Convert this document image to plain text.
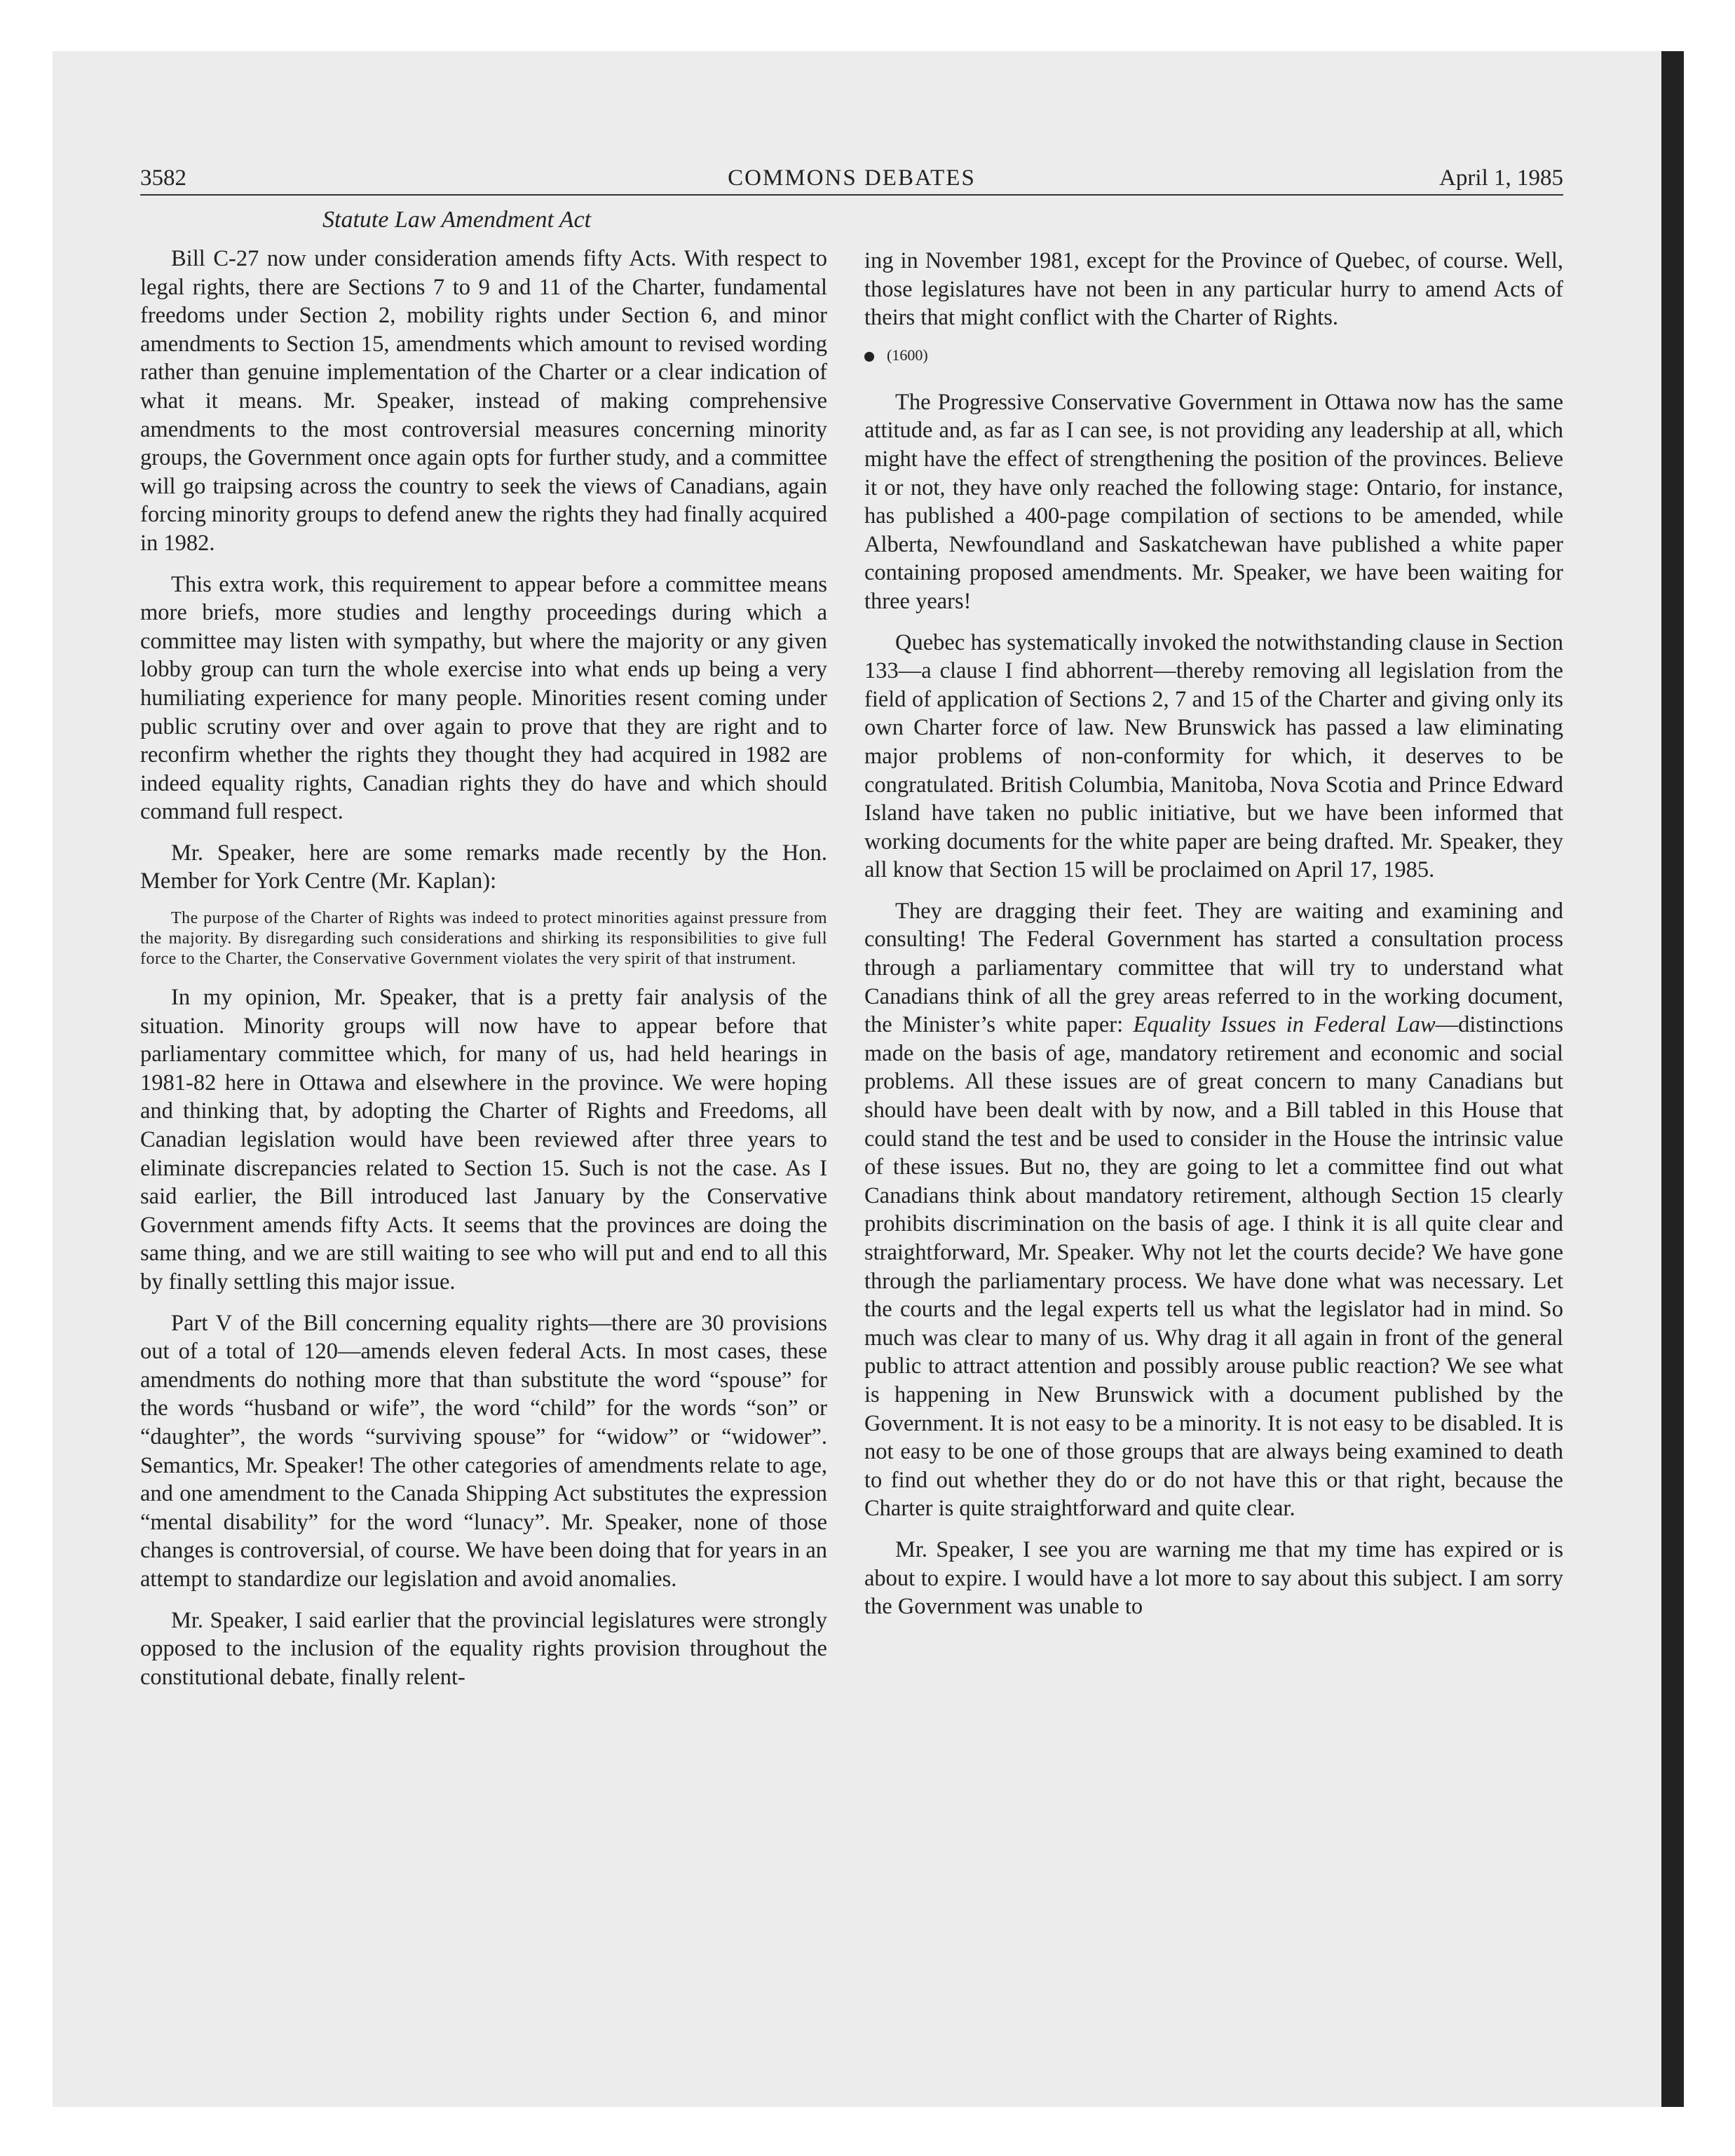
3582	COMMONS DEBATES	April 1, 1985
Statute Law Amendment Act

Bill C-27 now under consideration amends fifty Acts. With respect to legal rights, there are Sections 7 to 9 and 11 of the Charter, fundamental freedoms under Section 2, mobility rights under Section 6, and minor amendments to Section 15, amendments which amount to revised wording rather than genuine implementation of the Charter or a clear indication of what it means. Mr. Speaker, instead of making comprehensive amendments to the most controversial measures concerning minority groups, the Government once again opts for further study, and a committee will go traipsing across the country to seek the views of Canadians, again forcing minority groups to defend anew the rights they had finally acquired in 1982.

This extra work, this requirement to appear before a committee means more briefs, more studies and lengthy proceedings during which a committee may listen with sympathy, but where the majority or any given lobby group can turn the whole exercise into what ends up being a very humiliating experience for many people. Minorities resent coming under public scrutiny over and over again to prove that they are right and to reconfirm whether the rights they thought they had acquired in 1982 are indeed equality rights, Canadian rights they do have and which should command full respect.

Mr. Speaker, here are some remarks made recently by the Hon. Member for York Centre (Mr. Kaplan):

The purpose of the Charter of Rights was indeed to protect minorities against pressure from the majority. By disregarding such considerations and shirking its responsibilities to give full force to the Charter, the Conservative Government violates the very spirit of that instrument.

In my opinion, Mr. Speaker, that is a pretty fair analysis of the situation. Minority groups will now have to appear before that parliamentary committee which, for many of us, had held hearings in 1981-82 here in Ottawa and elsewhere in the province. We were hoping and thinking that, by adopting the Charter of Rights and Freedoms, all Canadian legislation would have been reviewed after three years to eliminate discrepancies related to Section 15. Such is not the case. As I said earlier, the Bill introduced last January by the Conservative Government amends fifty Acts. It seems that the provinces are doing the same thing, and we are still waiting to see who will put and end to all this by finally settling this major issue.

Part V of the Bill concerning equality rights—there are 30 provisions out of a total of 120—amends eleven federal Acts. In most cases, these amendments do nothing more that than substitute the word “spouse” for the words “husband or wife”, the word “child” for the words “son” or “daughter”, the words “surviving spouse” for “widow” or “widower”. Semantics, Mr. Speaker! The other categories of amendments relate to age, and one amendment to the Canada Shipping Act substitutes the expression “mental disability” for the word “lunacy”. Mr. Speaker, none of those changes is controversial, of course. We have been doing that for years in an attempt to standardize our legislation and avoid anomalies.

Mr. Speaker, I said earlier that the provincial legislatures were strongly opposed to the inclusion of the equality rights provision throughout the constitutional debate, finally relent-

ing in November 1981, except for the Province of Quebec, of course. Well, those legislatures have not been in any particular hurry to amend Acts of theirs that might conflict with the Charter of Rights.

(1600)

The Progressive Conservative Government in Ottawa now has the same attitude and, as far as I can see, is not providing any leadership at all, which might have the effect of strengthening the position of the provinces. Believe it or not, they have only reached the following stage: Ontario, for instance, has published a 400-page compilation of sections to be amended, while Alberta, Newfoundland and Saskatchewan have published a white paper containing proposed amendments. Mr. Speaker, we have been waiting for three years!

Quebec has systematically invoked the notwithstanding clause in Section 133—a clause I find abhorrent—thereby removing all legislation from the field of application of Sections 2, 7 and 15 of the Charter and giving only its own Charter force of law. New Brunswick has passed a law eliminating major problems of non-conformity for which, it deserves to be congratulated. British Columbia, Manitoba, Nova Scotia and Prince Edward Island have taken no public initiative, but we have been informed that working documents for the white paper are being drafted. Mr. Speaker, they all know that Section 15 will be proclaimed on April 17, 1985.

They are dragging their feet. They are waiting and examining and consulting! The Federal Government has started a consultation process through a parliamentary committee that will try to understand what Canadians think of all the grey areas referred to in the working document, the Minister’s white paper: Equality Issues in Federal Law—distinctions made on the basis of age, mandatory retirement and economic and social problems. All these issues are of great concern to many Canadians but should have been dealt with by now, and a Bill tabled in this House that could stand the test and be used to consider in the House the intrinsic value of these issues. But no, they are going to let a committee find out what Canadians think about mandatory retirement, although Section 15 clearly prohibits discrimination on the basis of age. I think it is all quite clear and straightforward, Mr. Speaker. Why not let the courts decide? We have gone through the parliamentary process. We have done what was necessary. Let the courts and the legal experts tell us what the legislator had in mind. So much was clear to many of us. Why drag it all again in front of the general public to attract attention and possibly arouse public reaction? We see what is happening in New Brunswick with a document published by the Government. It is not easy to be a minority. It is not easy to be disabled. It is not easy to be one of those groups that are always being examined to death to find out whether they do or do not have this or that right, because the Charter is quite straightforward and quite clear.

Mr. Speaker, I see you are warning me that my time has expired or is about to expire. I would have a lot more to say about this subject. I am sorry the Government was unable to
